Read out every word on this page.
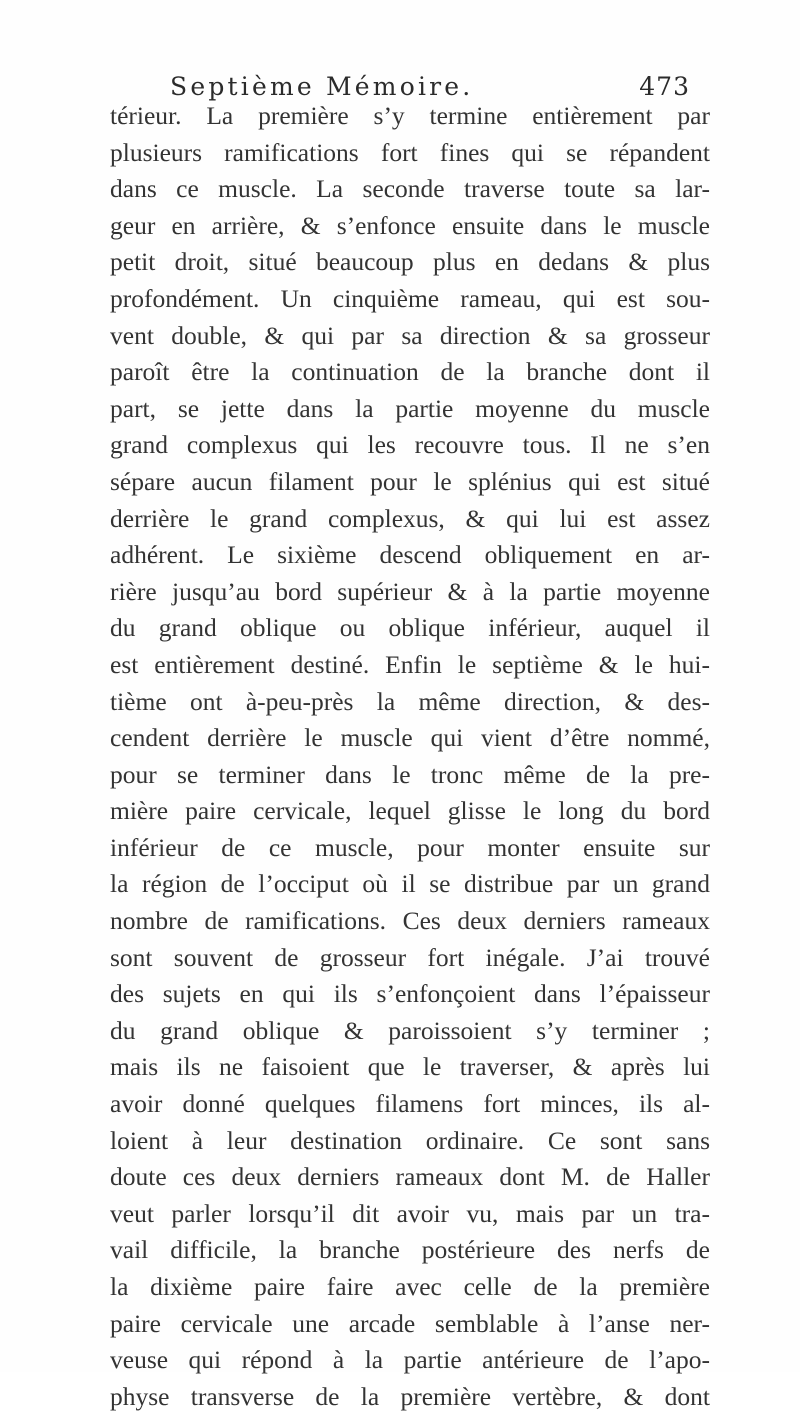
Septième Mémoire.	473
térieur. La première s’y termine entièrement par
plusieurs ramifications fort fines qui se répandent
dans ce muscle. La seconde traverse toute sa lar-
geur en arrière, & s’enfonce ensuite dans le muscle
petit droit, situé beaucoup plus en dedans & plus
profondément. Un cinquième rameau, qui est sou-
vent double, & qui par sa direction & sa grosseur
paroît être la continuation de la branche dont il
part, se jette dans la partie moyenne du muscle
grand complexus qui les recouvre tous. Il ne s’en
sépare aucun filament pour le splénius qui est situé
derrière le grand complexus, & qui lui est assez
adhérent. Le sixième descend obliquement en ar-
rière jusqu’au bord supérieur & à la partie moyenne
du grand oblique ou oblique inférieur, auquel il
est entièrement destiné. Enfin le septième & le hui-
tième ont à-peu-près la même direction, & des-
cendent derrière le muscle qui vient d’être nommé,
pour se terminer dans le tronc même de la pre-
mière paire cervicale, lequel glisse le long du bord
inférieur de ce muscle, pour monter ensuite sur
la région de l’occiput où il se distribue par un grand
nombre de ramifications. Ces deux derniers rameaux
sont souvent de grosseur fort inégale. J’ai trouvé
des sujets en qui ils s’enfonçoient dans l’épaisseur
du grand oblique & paroissoient s’y terminer ;
mais ils ne faisoient que le traverser, & après lui
avoir donné quelques filamens fort minces, ils al-
loient à leur destination ordinaire. Ce sont sans
doute ces deux derniers rameaux dont M. de Haller
veut parler lorsqu’il dit avoir vu, mais par un tra-
vail difficile, la branche postérieure des nerfs de
la dixième paire faire avec celle de la première
paire cervicale une arcade semblable à l’anse ner-
veuse qui répond à la partie antérieure de l’apo-
physe transverse de la première vertèbre, & dont
